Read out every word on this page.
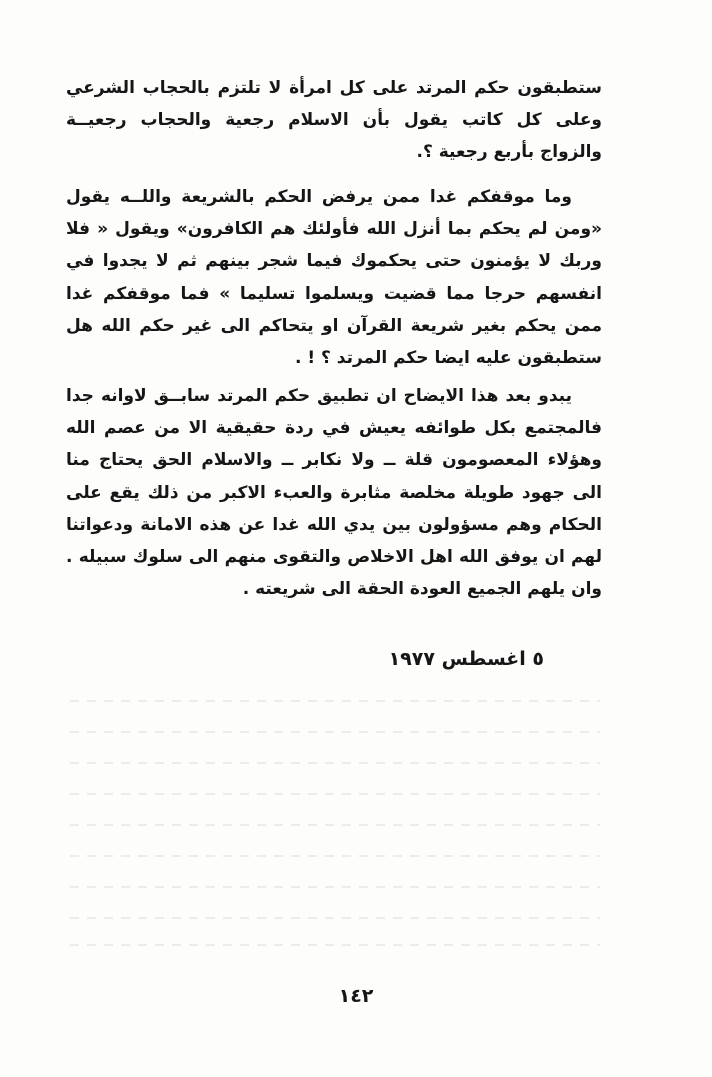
ستطبقون حكم المرتد على كل امرأة لا تلتزم بالحجاب الشرعي وعلى كل كاتب يقول بأن الاسلام رجعية والحجاب رجعيــة والزواج بأربع رجعية ؟.

وما موقفكم غدا ممن يرفض الحكم بالشريعة واللــه يقول «ومن لم يحكم بما أنزل الله فأولئك هم الكافرون» ويقول « فلا وربك لا يؤمنون حتى يحكموك فيما شجر بينهم ثم لا يجدوا في انفسهم حرجا مما قضيت ويسلموا تسليما » فما موقفكم غدا ممن يحكم بغير شريعة القرآن او يتحاكم الى غير حكم الله هل ستطبقون عليه ايضا حكم المرتد ؟ ! .

يبدو بعد هذا الايضاح ان تطبيق حكم المرتد سابــق لاوانه جدا فالمجتمع بكل طوائفه يعيش في ردة حقيقية الا من عصم الله وهؤلاء المعصومون قلة ــ ولا نكابر ــ والاسلام الحق يحتاج منا الى جهود طويلة مخلصة مثابرة والعبء الاكبر من ذلك يقع على الحكام وهم مسؤولون بين يدي الله غدا عن هذه الامانة ودعواتنا لهم ان يوفق الله اهل الاخلاص والتقوى منهم الى سلوك سبيله . وان يلهم الجميع العودة الحقة الى شريعته .

٥ اغسطس ١٩٧٧

١٤٢
